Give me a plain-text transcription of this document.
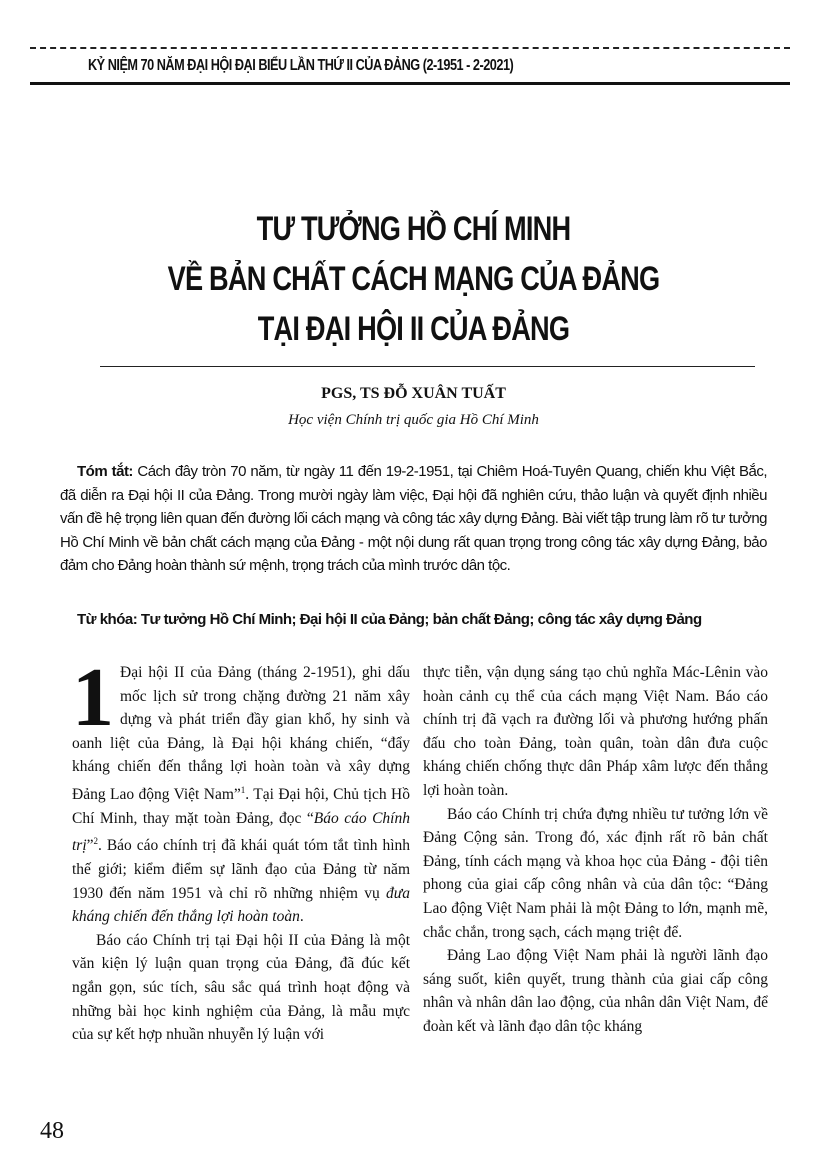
KỶ NIỆM 70 NĂM ĐẠI HỘI ĐẠI BIỂU LẦN THỨ II CỦA ĐẢNG (2-1951 - 2-2021)
TƯ TƯỞNG HỒ CHÍ MINH
VỀ BẢN CHẤT CÁCH MẠNG CỦA ĐẢNG
TẠI ĐẠI HỘI II CỦA ĐẢNG
PGS, TS ĐỖ XUÂN TUẤT
Học viện Chính trị quốc gia Hồ Chí Minh
Tóm tắt: Cách đây tròn 70 năm, từ ngày 11 đến 19-2-1951, tại Chiêm Hoá-Tuyên Quang, chiến khu Việt Bắc, đã diễn ra Đại hội II của Đảng. Trong mười ngày làm việc, Đại hội đã nghiên cứu, thảo luận và quyết định nhiều vấn đề hệ trọng liên quan đến đường lối cách mạng và công tác xây dựng Đảng. Bài viết tập trung làm rõ tư tưởng Hồ Chí Minh về bản chất cách mạng của Đảng - một nội dung rất quan trọng trong công tác xây dựng Đảng, bảo đảm cho Đảng hoàn thành sứ mệnh, trọng trách của mình trước dân tộc.
Từ khóa: Tư tưởng Hồ Chí Minh; Đại hội II của Đảng; bản chất Đảng; công tác xây dựng Đảng

1 Đại hội II của Đảng (tháng 2-1951), ghi dấu mốc lịch sử trong chặng đường 21 năm xây dựng và phát triển đầy gian khổ, hy sinh và oanh liệt của Đảng, là Đại hội kháng chiến, “đẩy kháng chiến đến thắng lợi hoàn toàn và xây dựng Đảng Lao động Việt Nam”$^1$. Tại Đại hội, Chủ tịch Hồ Chí Minh, thay mặt toàn Đảng, đọc “Báo cáo Chính trị”$^2$. Báo cáo chính trị đã khái quát tóm tắt tình hình thế giới; kiểm điểm sự lãnh đạo của Đảng từ năm 1930 đến năm 1951 và chỉ rõ những nhiệm vụ đưa kháng chiến đến thắng lợi hoàn toàn.

Báo cáo Chính trị tại Đại hội II của Đảng là một văn kiện lý luận quan trọng của Đảng, đã đúc kết ngắn gọn, súc tích, sâu sắc quá trình hoạt động và những bài học kinh nghiệm của Đảng, là mẫu mực của sự kết hợp nhuần nhuyễn lý luận với

thực tiễn, vận dụng sáng tạo chủ nghĩa Mác-Lênin vào hoàn cảnh cụ thể của cách mạng Việt Nam. Báo cáo chính trị đã vạch ra đường lối và phương hướng phấn đấu cho toàn Đảng, toàn quân, toàn dân đưa cuộc kháng chiến chống thực dân Pháp xâm lược đến thắng lợi hoàn toàn.

Báo cáo Chính trị chứa đựng nhiều tư tưởng lớn về Đảng Cộng sản. Trong đó, xác định rất rõ bản chất Đảng, tính cách mạng và khoa học của Đảng - đội tiên phong của giai cấp công nhân và của dân tộc: “Đảng Lao động Việt Nam phải là một Đảng to lớn, mạnh mẽ, chắc chắn, trong sạch, cách mạng triệt để.

Đảng Lao động Việt Nam phải là người lãnh đạo sáng suốt, kiên quyết, trung thành của giai cấp công nhân và nhân dân lao động, của nhân dân Việt Nam, để đoàn kết và lãnh đạo dân tộc kháng

48
